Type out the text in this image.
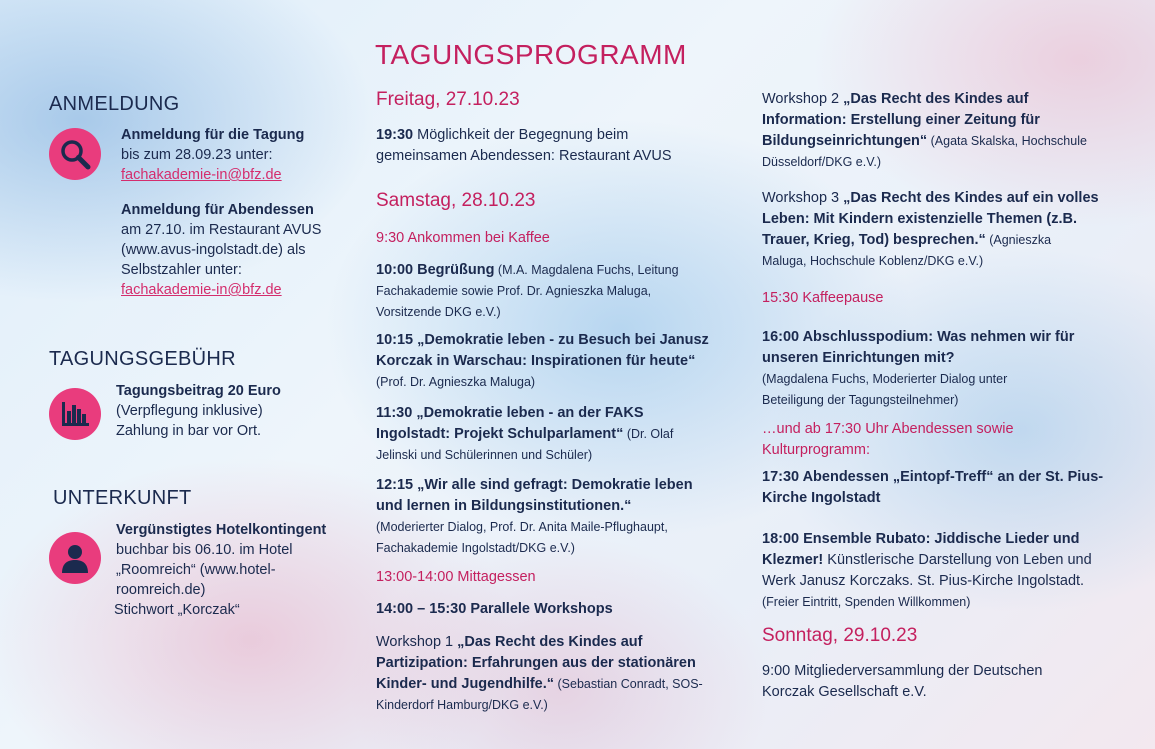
ANMELDUNG
Anmeldung für die Tagung
bis zum 28.09.23 unter:
fachakademie-in@bfz.de
Anmeldung für Abendessen
am 27.10. im Restaurant AVUS
(www.avus-ingolstadt.de) als
Selbstzahler unter:
fachakademie-in@bfz.de
TAGUNGSGEBÜHR
Tagungsbeitrag 20 Euro
(Verpflegung inklusive)
Zahlung in bar vor Ort.
UNTERKUNFT
Vergünstigtes Hotelkontingent
buchbar bis 06.10. im Hotel
„Roomreich“ (www.hotel-
roomreich.de)
Stichwort „Korczak“
TAGUNGSPROGRAMM
Freitag, 27.10.23
19:30 Möglichkeit der Begegnung beim
gemeinsamen Abendessen: Restaurant AVUS
Samstag, 28.10.23
9:30 Ankommen bei Kaffee
10:00 Begrüßung (M.A. Magdalena Fuchs, Leitung
Fachakademie sowie Prof. Dr. Agnieszka Maluga,
Vorsitzende DKG e.V.)
10:15 „Demokratie leben - zu Besuch bei Janusz
Korczak in Warschau: Inspirationen für heute“
(Prof. Dr. Agnieszka Maluga)
11:30 „Demokratie leben - an der FAKS
Ingolstadt: Projekt Schulparlament“ (Dr. Olaf
Jelinski und Schülerinnen und Schüler)
12:15 „Wir alle sind gefragt: Demokratie leben
und lernen in Bildungsinstitutionen.“
(Moderierter Dialog, Prof. Dr. Anita Maile-Pflughaupt,
Fachakademie Ingolstadt/DKG e.V.)
13:00-14:00 Mittagessen
14:00 – 15:30 Parallele Workshops
Workshop 1 „Das Recht des Kindes auf
Partizipation: Erfahrungen aus der stationären
Kinder- und Jugendhilfe.“ (Sebastian Conradt, SOS-
Kinderdorf Hamburg/DKG e.V.)
Workshop 2 „Das Recht des Kindes auf
Information: Erstellung einer Zeitung für
Bildungseinrichtungen“ (Agata Skalska, Hochschule
Düsseldorf/DKG e.V.)
Workshop 3 „Das Recht des Kindes auf ein volles
Leben: Mit Kindern existenzielle Themen (z.B.
Trauer, Krieg, Tod) besprechen.“ (Agnieszka
Maluga, Hochschule Koblenz/DKG e.V.)
15:30 Kaffeepause
16:00 Abschlusspodium: Was nehmen wir für
unseren Einrichtungen mit?
(Magdalena Fuchs, Moderierter Dialog unter
Beteiligung der Tagungsteilnehmer)
…und ab 17:30 Uhr Abendessen sowie
Kulturprogramm:
17:30 Abendessen „Eintopf-Treff“ an der St. Pius-
Kirche Ingolstadt
18:00 Ensemble Rubato: Jiddische Lieder und
Klezmer! Künstlerische Darstellung von Leben und
Werk Janusz Korczaks. St. Pius-Kirche Ingolstadt.
(Freier Eintritt, Spenden Willkommen)
Sonntag, 29.10.23
9:00 Mitgliederversammlung der Deutschen
Korczak Gesellschaft e.V.
